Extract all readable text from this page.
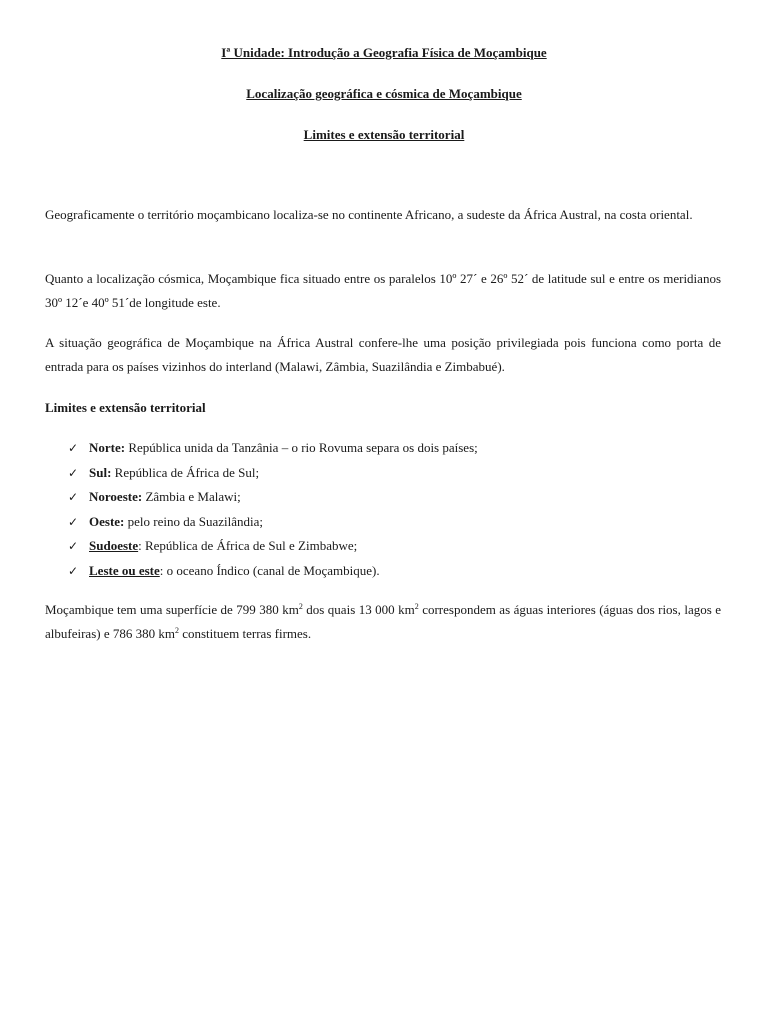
Iª Unidade: Introdução a Geografia Física de Moçambique
Localização geográfica e cósmica de Moçambique
Limites e extensão territorial

Geograficamente o território moçambicano localiza-se no continente Africano, a sudeste da África Austral, na costa oriental.

Quanto a localização cósmica, Moçambique fica situado entre os paralelos 10º 27´ e 26º 52´ de latitude sul e entre os meridianos 30º 12´e 40º 51´de longitude este.

A situação geográfica de Moçambique na África Austral confere-lhe uma posição privilegiada pois funciona como porta de entrada para os países vizinhos do interland (Malawi, Zâmbia, Suazilândia e Zimbabué).

Limites e extensão territorial

✓ Norte: República unida da Tanzânia – o rio Rovuma separa os dois países;
✓ Sul: República de África de Sul;
✓ Noroeste: Zâmbia e Malawi;
✓ Oeste: pelo reino da Suazilândia;
✓ Sudoeste: República de África de Sul e Zimbabwe;
✓ Leste ou este: o oceano Índico (canal de Moçambique).

Moçambique tem uma superfície de 799 380 $km^2$ dos quais 13 000 $km^2$ correspondem as águas interiores (águas dos rios, lagos e albufeiras) e 786 380 $km^2$ constituem terras firmes.
